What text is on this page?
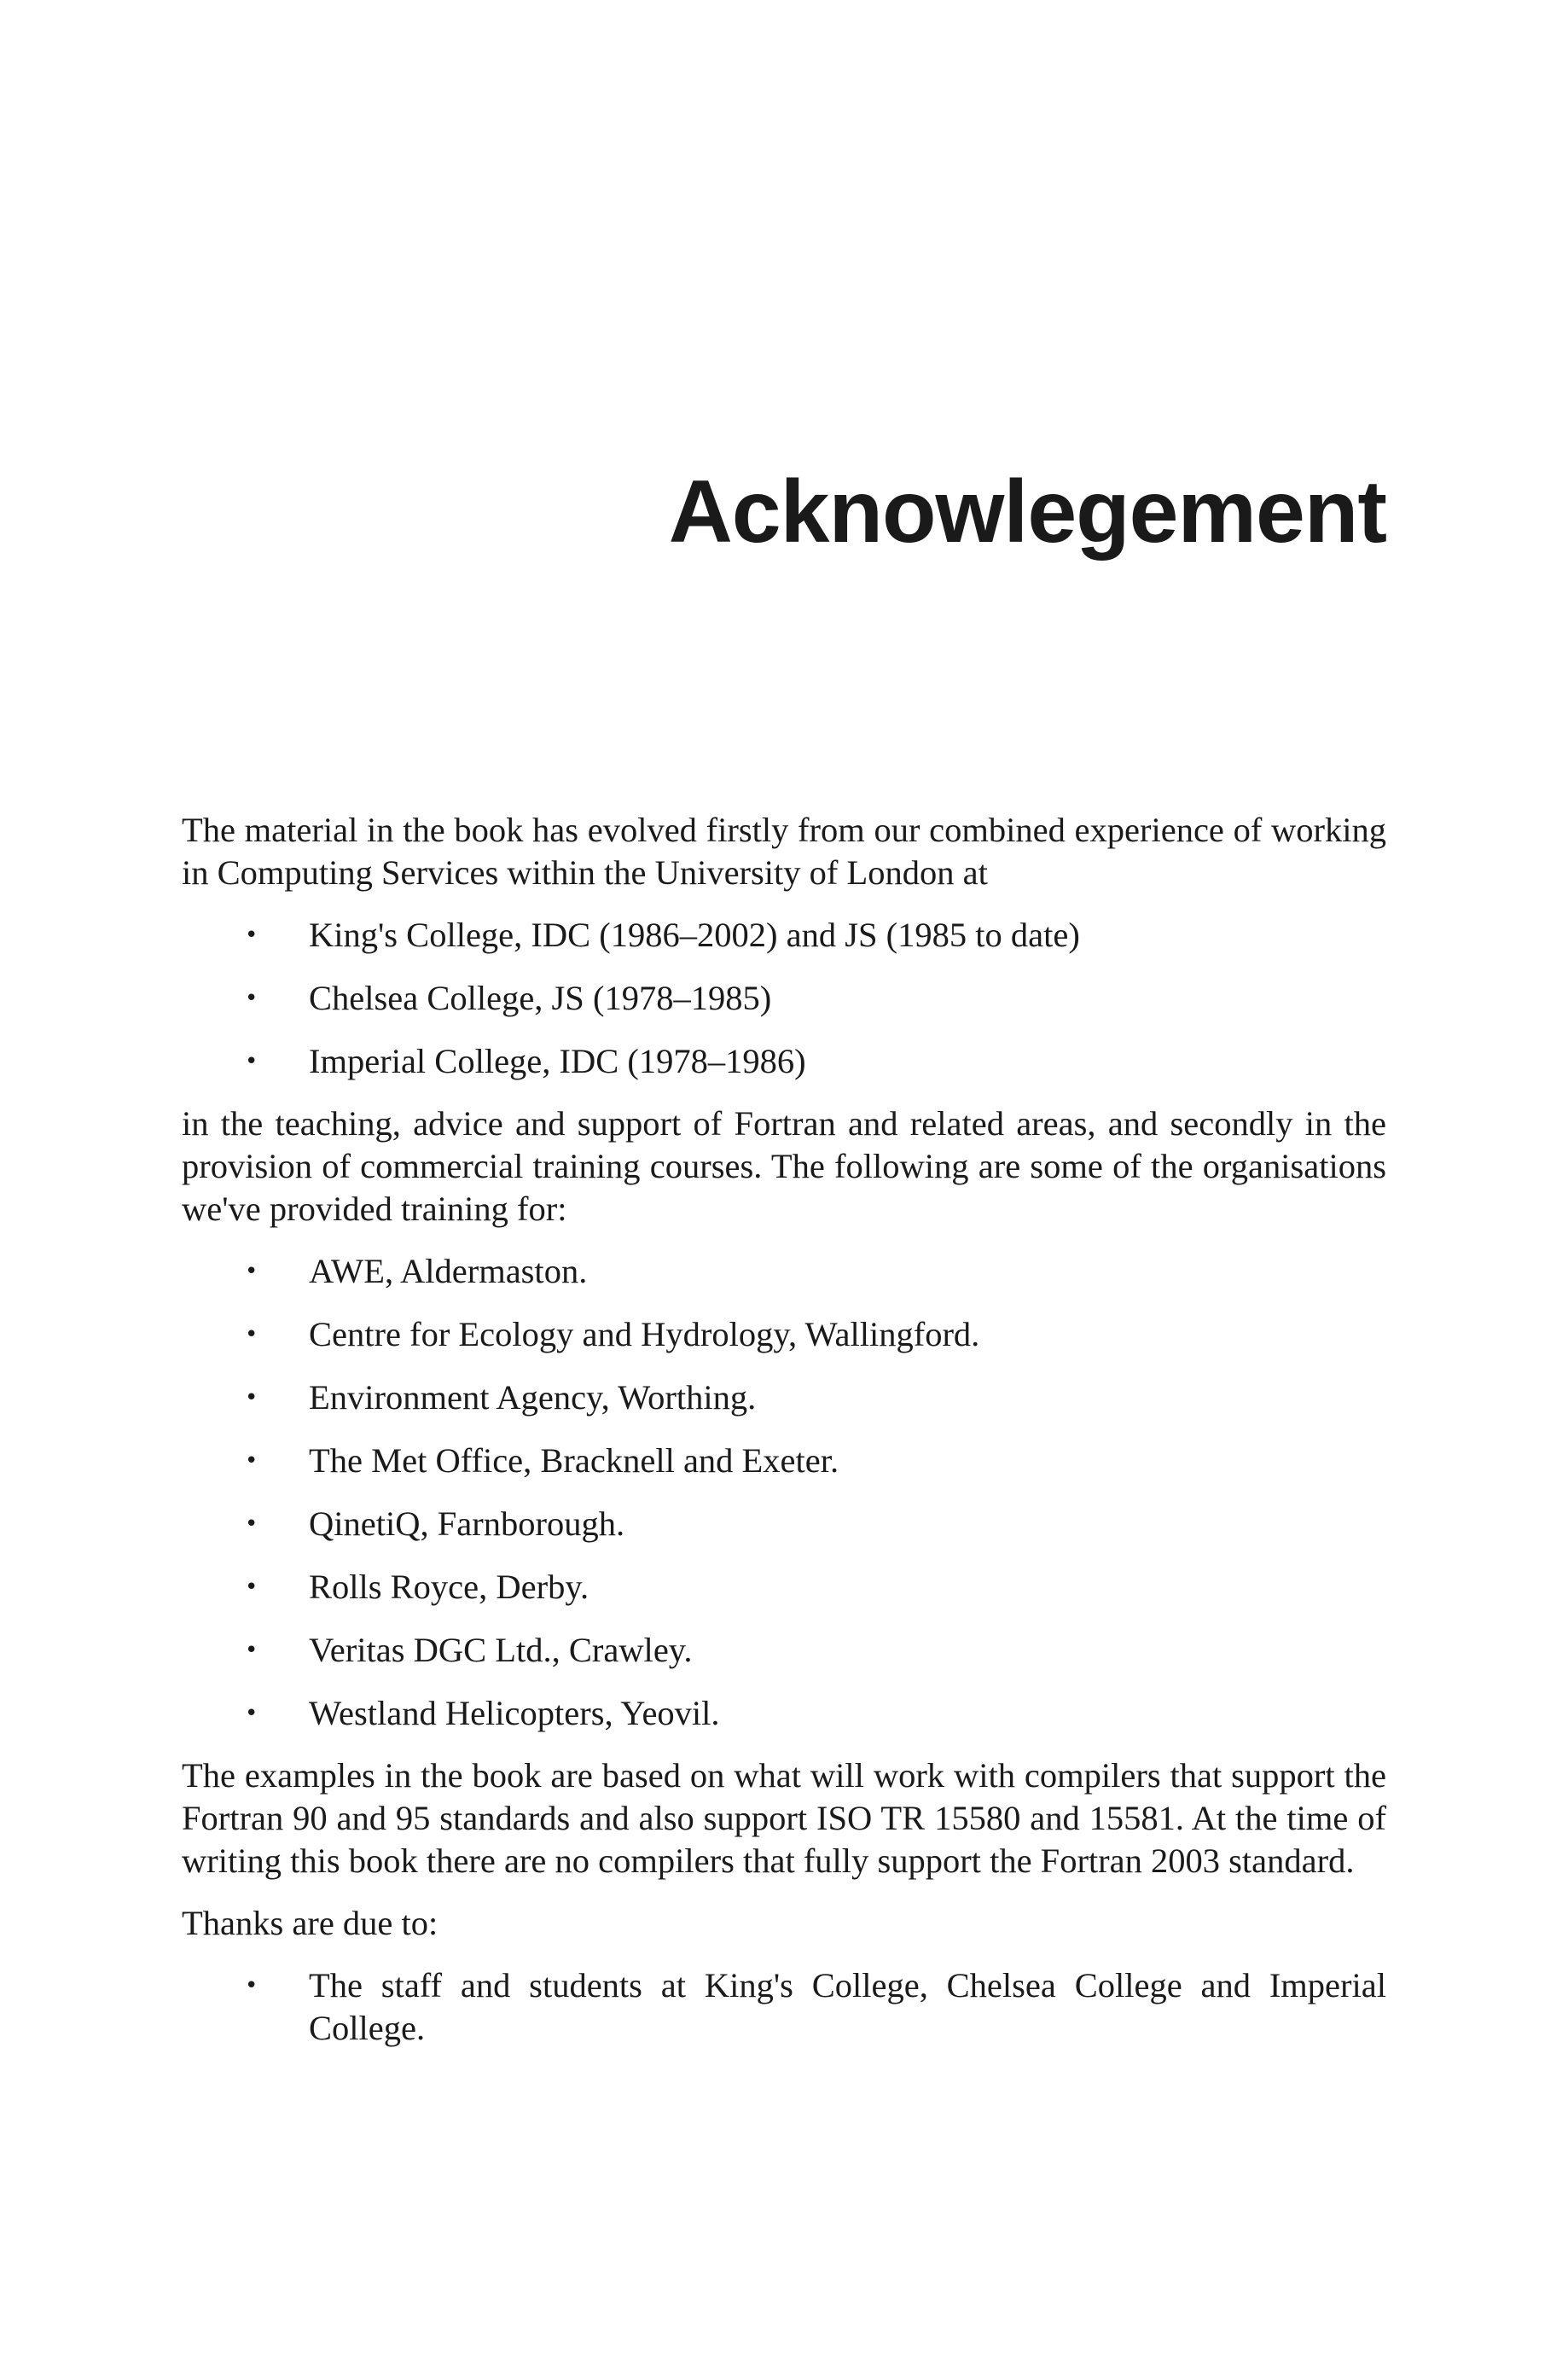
Acknowlegement

The material in the book has evolved firstly from our combined experience of working in Computing Services within the University of London at

• King's College, IDC (1986–2002) and JS (1985 to date)
• Chelsea College, JS (1978–1985)
• Imperial College, IDC (1978–1986)

in the teaching, advice and support of Fortran and related areas, and secondly in the provision of commercial training courses. The following are some of the organisations we've provided training for:

• AWE, Aldermaston.
• Centre for Ecology and Hydrology, Wallingford.
• Environment Agency, Worthing.
• The Met Office, Bracknell and Exeter.
• QinetiQ, Farnborough.
• Rolls Royce, Derby.
• Veritas DGC Ltd., Crawley.
• Westland Helicopters, Yeovil.

The examples in the book are based on what will work with compilers that support the Fortran 90 and 95 standards and also support ISO TR 15580 and 15581. At the time of writing this book there are no compilers that fully support the Fortran 2003 standard.

Thanks are due to:

• The staff and students at King's College, Chelsea College and Imperial College.
